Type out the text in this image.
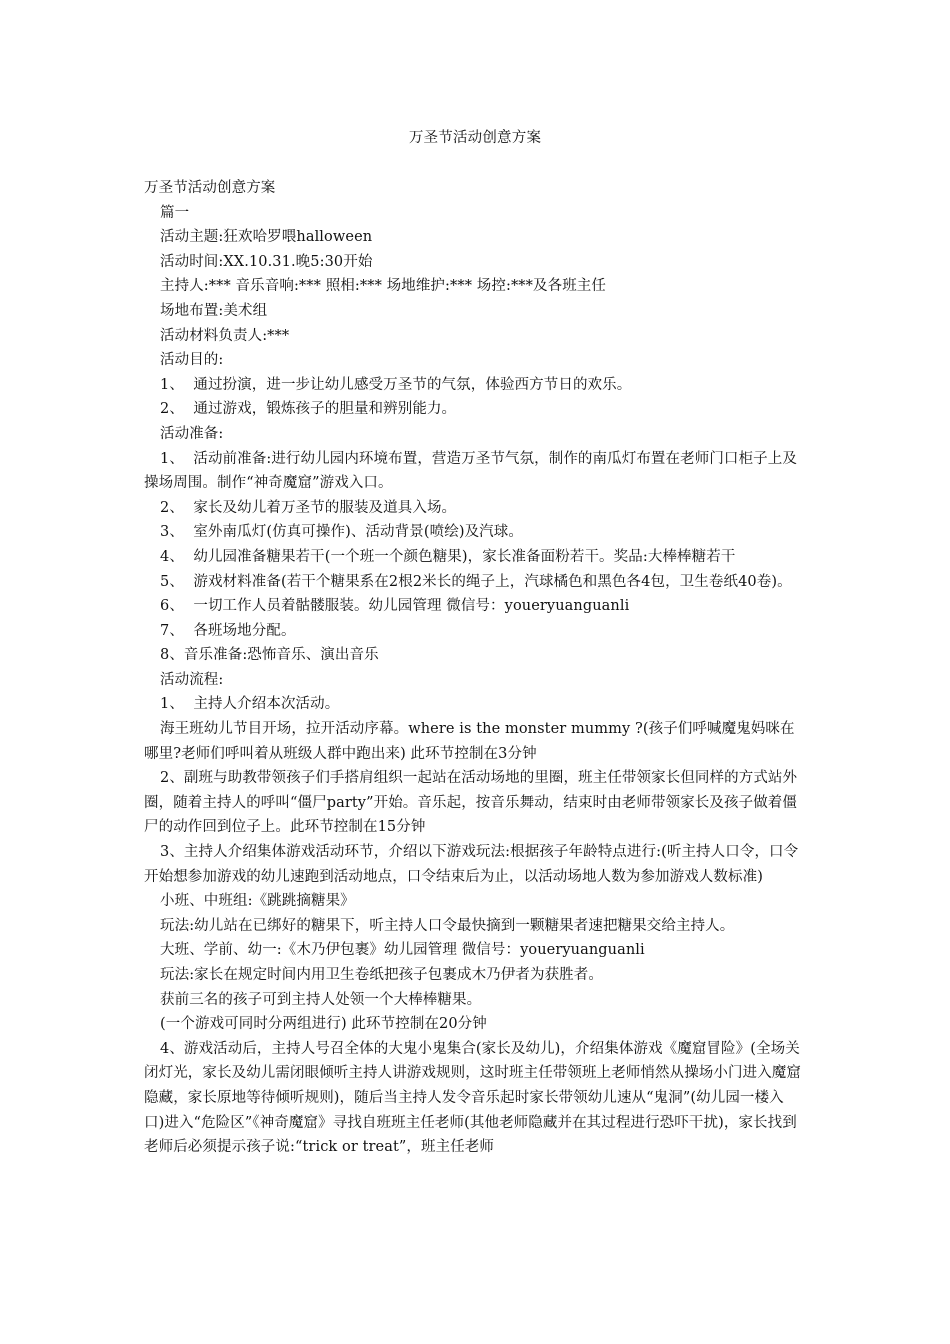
万圣节活动创意方案

万圣节活动创意方案

篇一

活动主题:狂欢哈罗喂halloween

活动时间:XX.10.31.晚5:30开始

主持人:*** 音乐音响:*** 照相:*** 场地维护:*** 场控:***及各班主任

场地布置:美术组

活动材料负责人:***

活动目的:

1、  通过扮演，进一步让幼儿感受万圣节的气氛，体验西方节日的欢乐。

2、  通过游戏，锻炼孩子的胆量和辨别能力。

活动准备:

1、  活动前准备:进行幼儿园内环境布置，营造万圣节气氛，制作的南瓜灯布置在老师门口柜子上及操场周围。制作“神奇魔窟”游戏入口。

2、  家长及幼儿着万圣节的服装及道具入场。

3、  室外南瓜灯(仿真可操作)、活动背景(喷绘)及汽球。

4、  幼儿园准备糖果若干(一个班一个颜色糖果)，家长准备面粉若干。奖品:大棒棒糖若干

5、  游戏材料准备(若干个糖果系在2根2米长的绳子上，汽球橘色和黑色各4包，卫生卷纸40卷)。

6、  一切工作人员着骷髅服装。幼儿园管理 微信号：youeryuanguanli

7、  各班场地分配。

8、音乐准备:恐怖音乐、演出音乐

活动流程:

1、  主持人介绍本次活动。

海王班幼儿节目开场，拉开活动序幕。where is the monster mummy ?(孩子们呼喊魔鬼妈咪在哪里?老师们呼叫着从班级人群中跑出来) 此环节控制在3分钟

2、副班与助教带领孩子们手搭肩组织一起站在活动场地的里圈，班主任带领家长但同样的方式站外圈，随着主持人的呼叫“僵尸party”开始。音乐起，按音乐舞动，结束时由老师带领家长及孩子做着僵尸的动作回到位子上。此环节控制在15分钟

3、主持人介绍集体游戏活动环节，介绍以下游戏玩法:根据孩子年龄特点进行:(听主持人口令，口令开始想参加游戏的幼儿速跑到活动地点，口令结束后为止，以活动场地人数为参加游戏人数标准)

小班、中班组:《跳跳摘糖果》

玩法:幼儿站在已绑好的糖果下，听主持人口令最快摘到一颗糖果者速把糖果交给主持人。

大班、学前、幼一:《木乃伊包裹》幼儿园管理 微信号：youeryuanguanli

玩法:家长在规定时间内用卫生卷纸把孩子包裹成木乃伊者为获胜者。

获前三名的孩子可到主持人处领一个大棒棒糖果。

(一个游戏可同时分两组进行) 此环节控制在20分钟

4、游戏活动后，主持人号召全体的大鬼小鬼集合(家长及幼儿)，介绍集体游戏《魔窟冒险》(全场关闭灯光，家长及幼儿需闭眼倾听主持人讲游戏规则，这时班主任带领班上老师悄然从操场小门进入魔窟隐藏，家长原地等待倾听规则)，随后当主持人发令音乐起时家长带领幼儿速从“鬼洞”(幼儿园一楼入口)进入“危险区”《神奇魔窟》寻找自班班主任老师(其他老师隐藏并在其过程进行恐吓干扰)，家长找到老师后必须提示孩子说:“trick or treat”，班主任老师
